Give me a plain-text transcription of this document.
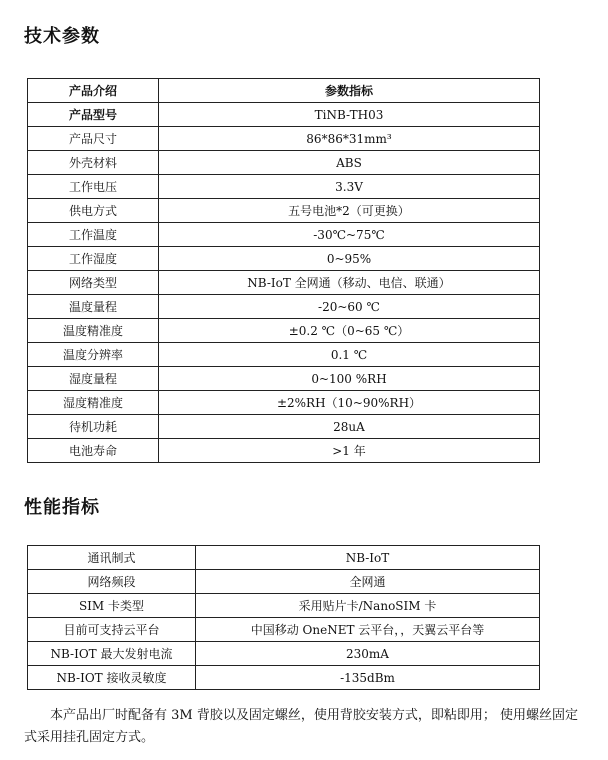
技术参数
产品介绍	参数指标
产品型号	TiNB-TH03
产品尺寸	86*86*31mm³
外壳材料	ABS
工作电压	3.3V
供电方式	五号电池*2（可更换）
工作温度	-30℃~75℃
工作湿度	0~95%
网络类型	NB-IoT 全网通（移动、电信、联通）
温度量程	-20~60 ℃
温度精准度	±0.2 ℃（0~65 ℃）
温度分辨率	0.1 ℃
湿度量程	0~100 %RH
湿度精准度	±2%RH（10~90%RH）
待机功耗	28uA
电池寿命	>1 年
性能指标
通讯制式	NB-IoT
网络频段	全网通
SIM 卡类型	采用贴片卡/NanoSIM 卡
目前可支持云平台	中国移动 OneNET 云平台，，天翼云平台等
NB-IOT 最大发射电流	230mA
NB-IOT 接收灵敏度	-135dBm
本产品出厂时配备有 3M 背胶以及固定螺丝，使用背胶安装方式，即粘即用； 使用螺丝固定式采用挂孔固定方式。
